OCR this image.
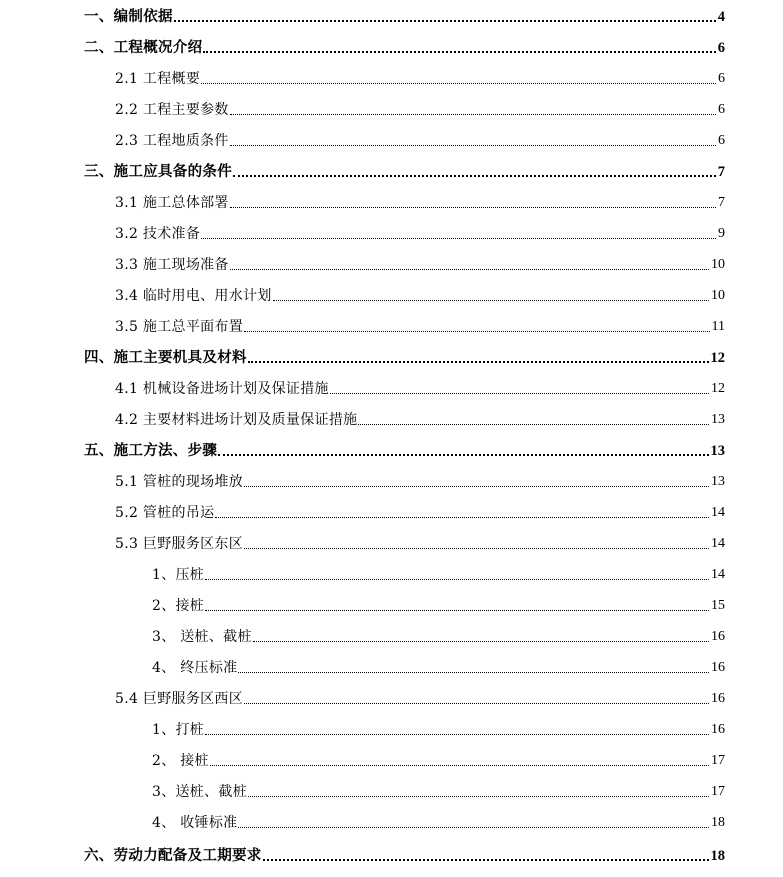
一、编制依据	4
二、工程概况介绍	6
2.1 工程概要	6
2.2 工程主要参数	6
2.3 工程地质条件	6
三、施工应具备的条件	7
3.1 施工总体部署	7
3.2 技术准备	9
3.3 施工现场准备	10
3.4 临时用电、用水计划	10
3.5 施工总平面布置	11
四、施工主要机具及材料	12
4.1 机械设备进场计划及保证措施	12
4.2 主要材料进场计划及质量保证措施	13
五、施工方法、步骤	13
5.1 管桩的现场堆放	13
5.2 管桩的吊运	14
5.3 巨野服务区东区	14
1、压桩	14
2、接桩	15
3、 送桩、截桩	16
4、 终压标准	16
5.4 巨野服务区西区	16
1、打桩	16
2、 接桩	17
3、送桩、截桩	17
4、 收锤标准	18
六、劳动力配备及工期要求	18
